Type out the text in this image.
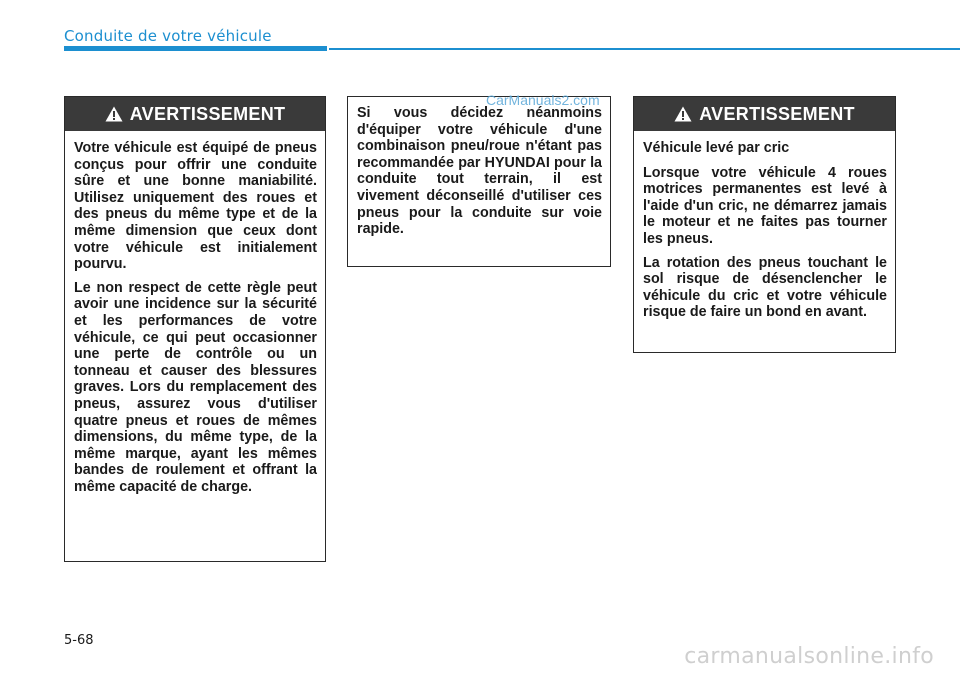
Conduite de votre véhicule
AVERTISSEMENT

Votre véhicule est équipé de pneus conçus pour offrir une conduite sûre et une bonne maniabilité. Utilisez uniquement des roues et des pneus du même type et de la même dimension que ceux dont votre véhicule est initialement pourvu.

Le non respect de cette règle peut avoir une incidence sur la sécurité et les performances de votre véhicule, ce qui peut occasionner une perte de contrôle ou un tonneau et causer des blessures graves. Lors du remplacement des pneus, assurez vous d'utiliser quatre pneus et roues de mêmes dimensions, du même type, de la même marque, ayant les mêmes bandes de roulement et offrant la même capacité de charge.

Si vous décidez néanmoins d'équiper votre véhicule d'une combinaison pneu/roue n'étant pas recommandée par HYUNDAI pour la conduite tout terrain, il est vivement déconseillé d'utiliser ces pneus pour la conduite sur voie rapide.

CarManuals2.com
AVERTISSEMENT

Véhicule levé par cric

Lorsque votre véhicule 4 roues motrices permanentes est levé à l'aide d'un cric, ne démarrez jamais le moteur et ne faites pas tourner les pneus.

La rotation des pneus touchant le sol risque de désenclencher le véhicule du cric et votre véhicule risque de faire un bond en avant.

5-68
carmanualsonline.info
